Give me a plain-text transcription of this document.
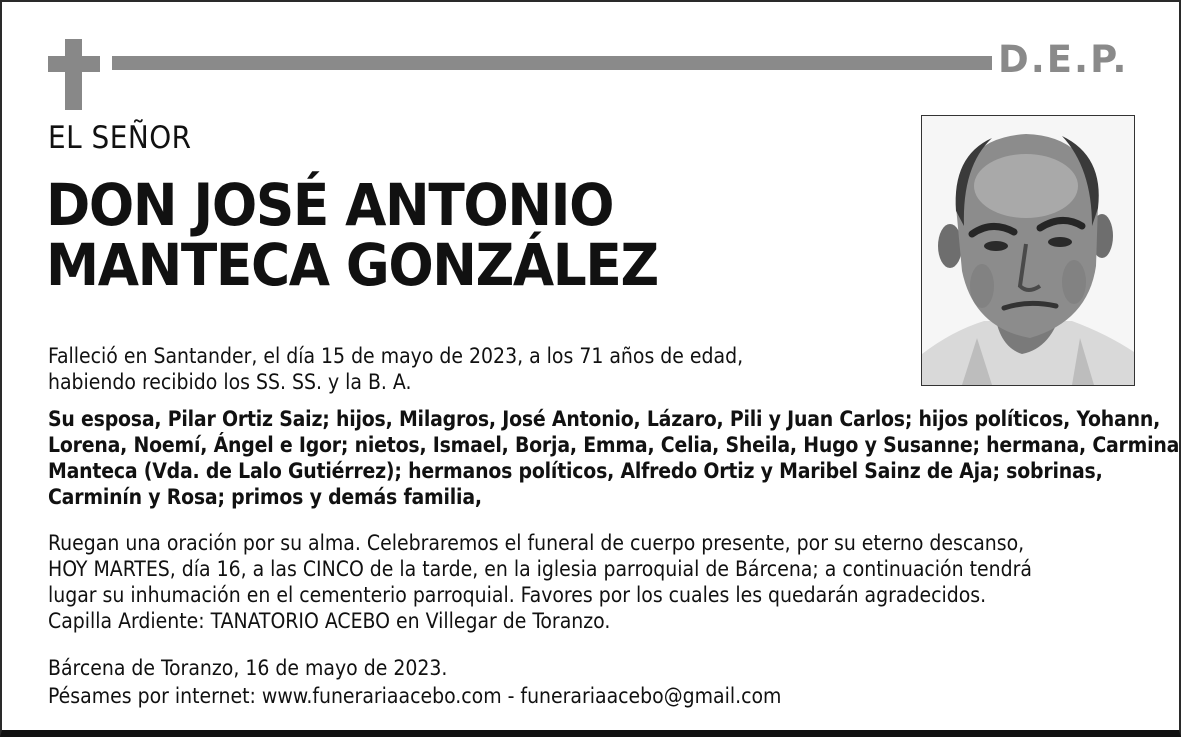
D.E.P.
EL SEÑOR
DON JOSÉ ANTONIO
MANTECA GONZÁLEZ
Falleció en Santander, el día 15 de mayo de 2023, a los 71 años de edad,
habiendo recibido los SS. SS. y la B. A.
Su esposa, Pilar Ortiz Saiz; hijos, Milagros, José Antonio, Lázaro, Pili y Juan Carlos; hijos políticos, Yohann,
Lorena, Noemí, Ángel e Igor; nietos, Ismael, Borja, Emma, Celia, Sheila, Hugo y Susanne; hermana, Carmina
Manteca (Vda. de Lalo Gutiérrez); hermanos políticos, Alfredo Ortiz y Maribel Sainz de Aja; sobrinas,
Carminín y Rosa; primos y demás familia,
Ruegan una oración por su alma. Celebraremos el funeral de cuerpo presente, por su eterno descanso,
HOY MARTES, día 16, a las CINCO de la tarde, en la iglesia parroquial de Bárcena; a continuación tendrá
lugar su inhumación en el cementerio parroquial. Favores por los cuales les quedarán agradecidos.
Capilla Ardiente: TANATORIO ACEBO en Villegar de Toranzo.
Bárcena de Toranzo, 16 de mayo de 2023.
Pésames por internet: www.funerariaacebo.com - funerariaacebo@gmail.com
